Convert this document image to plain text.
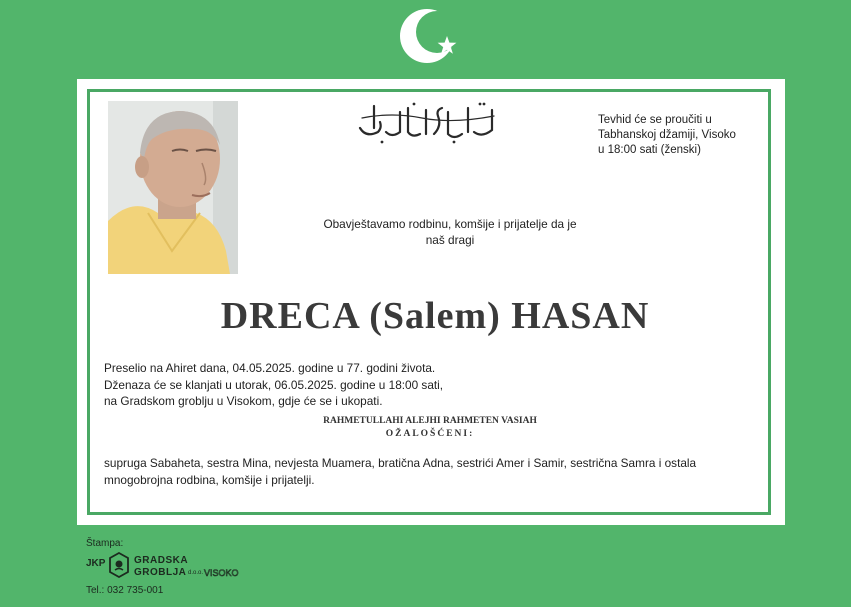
Tevhid će se proučiti u
Tabhanskoj džamiji, Visoko
u 18:00 sati (ženski)
Obavještavamo rodbinu, komšije i prijatelje da je
naš dragi
DRECA (Salem) HASAN
Preselio na Ahiret dana, 04.05.2025. godine u 77. godini života.
Dženaza će se klanjati u utorak, 06.05.2025. godine u 18:00 sati,
na Gradskom groblju u Visokom, gdje će se i ukopati.
RAHMETULLAHI ALEJHI RAHMETEN VASIAH
OŽALOŠĆENI:
supruga Sabaheta, sestra Mina, nevjesta Muamera, bratična Adna, sestrići Amer i Samir, sestrična Samra i ostala
mnogobrojna rodbina, komšije i prijatelji.
Štampa:
JKP	GRADSKA
GROBLJA d.o.o. VISOKO
Tel.: 032 735-001
